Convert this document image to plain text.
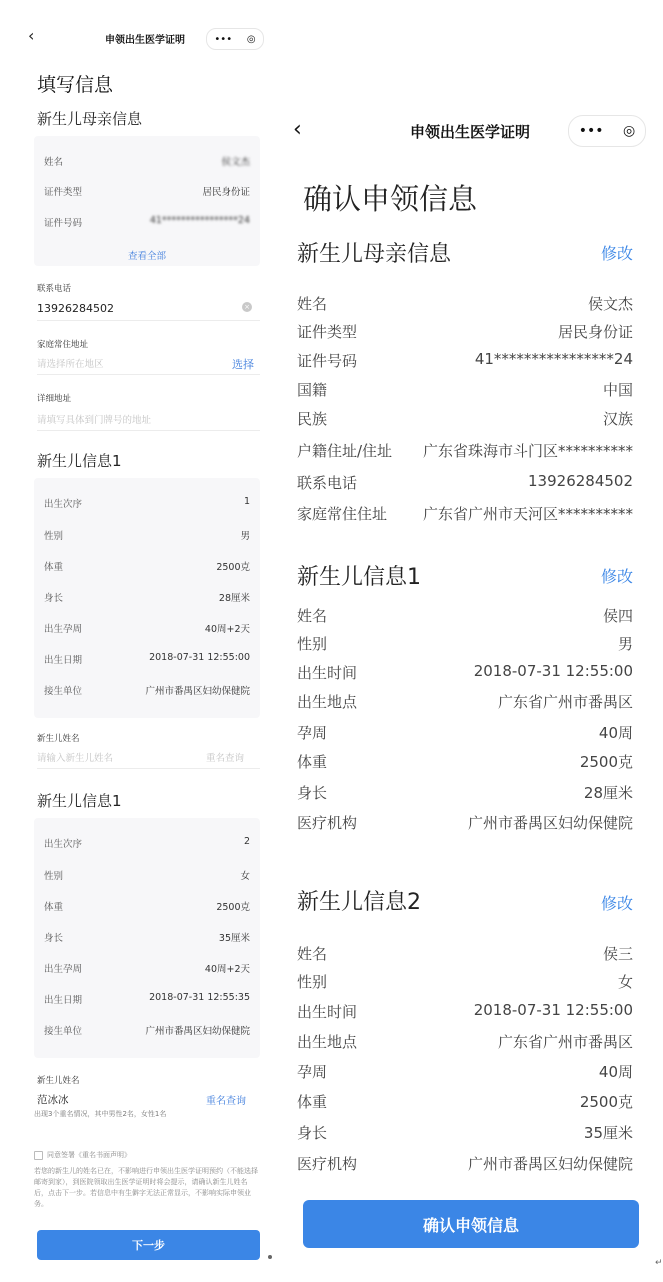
‹	申领出生医学证明	••• ◎
填写信息
新生儿母亲信息
姓名	侯文杰
证件类型	居民身份证
证件号码	41****************24
查看全部
联系电话
13926284502	×
家庭常住地址
请选择所在地区	选择
详细地址
请填写具体到门牌号的地址
新生儿信息1
出生次序	1
性别	男
体重	2500克
身长	28厘米
出生孕周	40周+2天
出生日期	2018-07-31 12:55:00
接生单位	广州市番禺区妇幼保健院
新生儿姓名
请输入新生儿姓名	重名查询
新生儿信息1
出生次序	2
性别	女
体重	2500克
身长	35厘米
出生孕周	40周+2天
出生日期	2018-07-31 12:55:35
接生单位	广州市番禺区妇幼保健院
新生儿姓名
范冰冰	重名查询
出现3个重名情况，其中男性2名，女性1名
同意签署《重名书面声明》
若您的新生儿的姓名已在，不影响进行申领出生医学证明预约（不能选择邮寄到家），到医院领取出生医学证明时将会提示，请确认新生儿姓名后，点击下一步。若信息中有生僻字无法正常显示，不影响实际申领业务。
下一步
‹	申领出生医学证明	••• ◎
确认申领信息
新生儿母亲信息	修改
姓名	侯文杰
证件类型	居民身份证
证件号码	41****************24
国籍	中国
民族	汉族
户籍住址/住址 广东省珠海市斗门区**********
联系电话	13926284502
家庭常住住址 广东省广州市天河区**********
新生儿信息1	修改
姓名	侯四
性别	男
出生时间	2018-07-31 12:55:00
出生地点	广东省广州市番禺区
孕周	40周
体重	2500克
身长	28厘米
医疗机构	广州市番禺区妇幼保健院
新生儿信息2	修改
姓名	侯三
性别	女
出生时间	2018-07-31 12:55:00
出生地点	广东省广州市番禺区
孕周	40周
体重	2500克
身长	35厘米
医疗机构	广州市番禺区妇幼保健院
确认申领信息
↵
